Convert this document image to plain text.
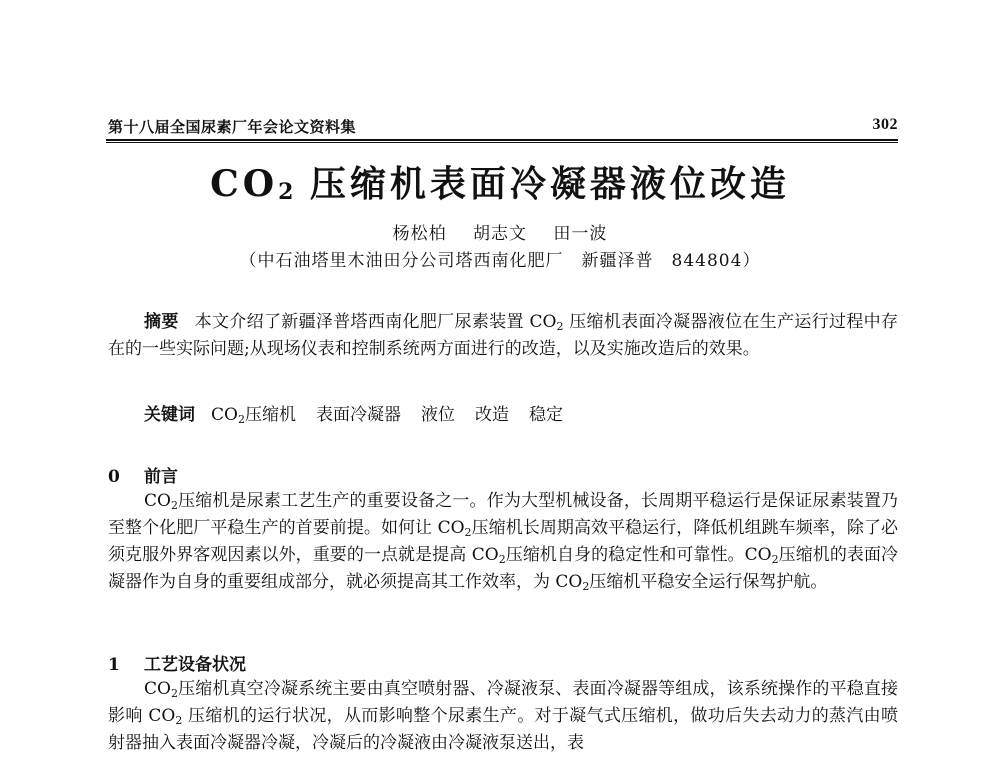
第十八届全国尿素厂年会论文资料集	302
$CO_2$ 压缩机表面冷凝器液位改造
杨松柏 胡志文 田一波
（中石油塔里木油田分公司塔西南化肥厂　新疆泽普　844804）

摘要 本文介绍了新疆泽普塔西南化肥厂尿素装置 $CO_2$ 压缩机表面冷凝器液位在生产运行过程中存在的一些实际问题;从现场仪表和控制系统两方面进行的改造，以及实施改造后的效果。

关键词 $CO_2$压缩机 表面冷凝器 液位 改造 稳定
0 前言

$CO_2$压缩机是尿素工艺生产的重要设备之一。作为大型机械设备，长周期平稳运行是保证尿素装置乃至整个化肥厂平稳生产的首要前提。如何让 $CO_2$压缩机长周期高效平稳运行，降低机组跳车频率，除了必须克服外界客观因素以外，重要的一点就是提高 $CO_2$压缩机自身的稳定性和可靠性。$CO_2$压缩机的表面冷凝器作为自身的重要组成部分，就必须提高其工作效率，为 $CO_2$压缩机平稳安全运行保驾护航。

1 工艺设备状况

$CO_2$压缩机真空冷凝系统主要由真空喷射器、冷凝液泵、表面冷凝器等组成，该系统操作的平稳直接影响 $CO_2$ 压缩机的运行状况，从而影响整个尿素生产。对于凝气式压缩机，做功后失去动力的蒸汽由喷射器抽入表面冷凝器冷凝，冷凝后的冷凝液由冷凝液泵送出，表
